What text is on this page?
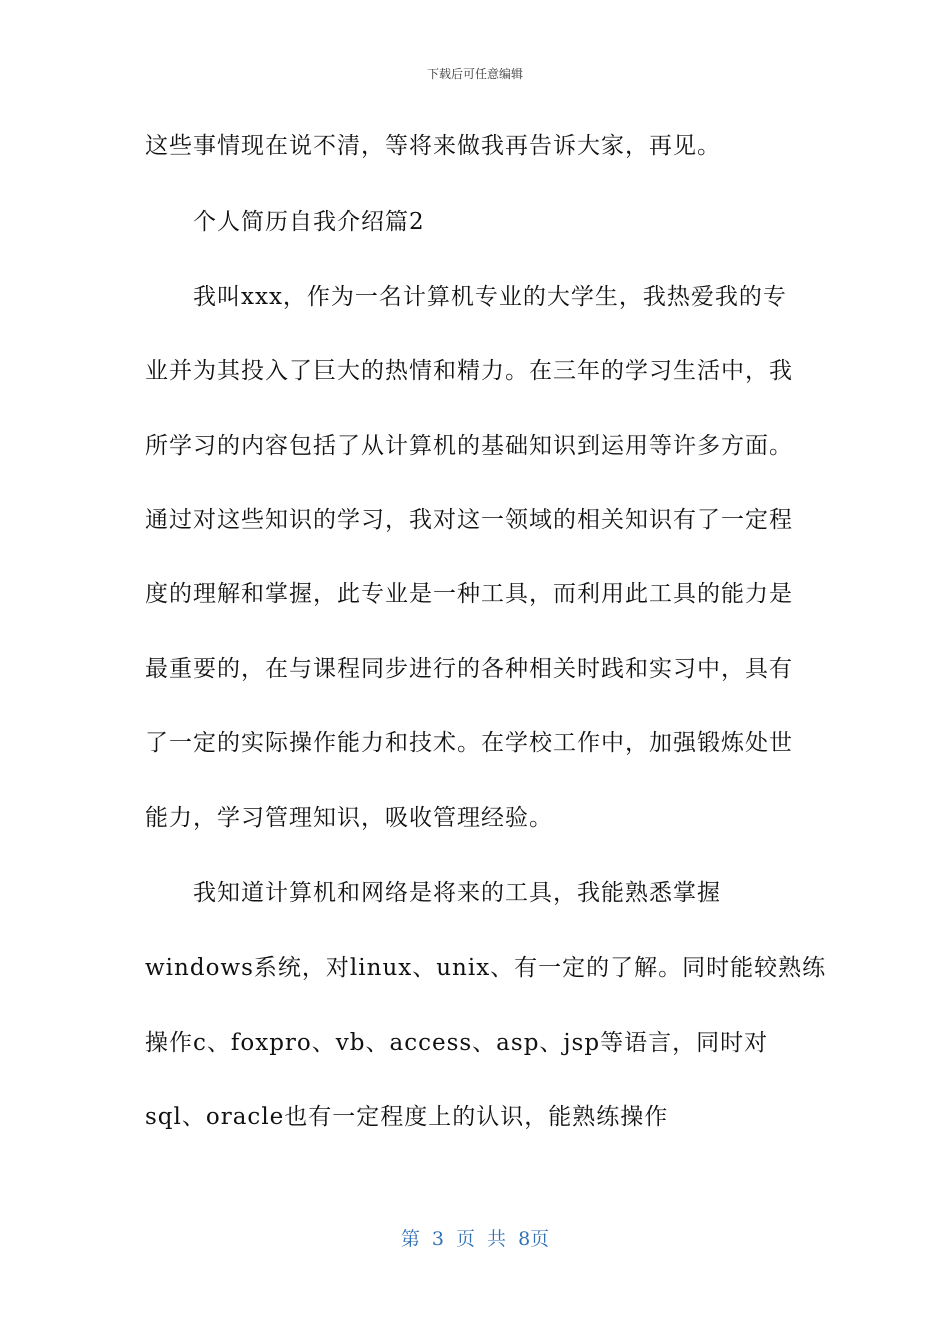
下载后可任意编辑
这些事情现在说不清，等将来做我再告诉大家，再见。
个人简历自我介绍篇2
我叫xxx，作为一名计算机专业的大学生，我热爱我的专
业并为其投入了巨大的热情和精力。在三年的学习生活中，我
所学习的内容包括了从计算机的基础知识到运用等许多方面。
通过对这些知识的学习，我对这一领域的相关知识有了一定程
度的理解和掌握，此专业是一种工具，而利用此工具的能力是
最重要的，在与课程同步进行的各种相关时践和实习中，具有
了一定的实际操作能力和技术。在学校工作中，加强锻炼处世
能力，学习管理知识，吸收管理经验。
我知道计算机和网络是将来的工具，我能熟悉掌握
windows系统，对linux、unix、有一定的了解。同时能较熟练
操作c、foxpro、vb、access、asp、jsp等语言，同时对
sql、oracle也有一定程度上的认识，能熟练操作
第 3 页 共 8页
